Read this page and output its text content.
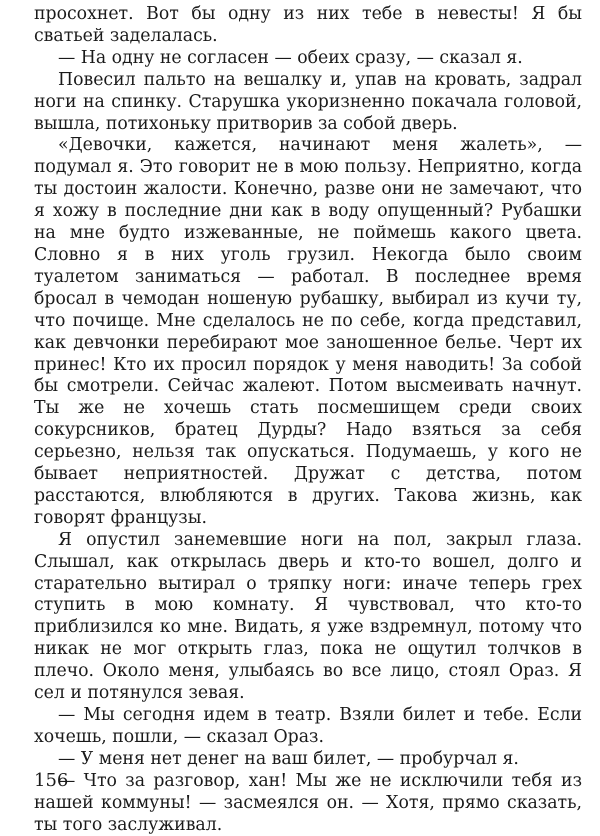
просохнет. Вот бы одну из них тебе в невесты! Я бы сватьей заделалась.

— На одну не согласен — обеих сразу, — сказал я.

Повесил пальто на вешалку и, упав на кровать, задрал ноги на спинку. Старушка укоризненно покачала головой, вышла, потихоньку притворив за собой дверь.

«Девочки, кажется, начинают меня жалеть», — подумал я. Это говорит не в мою пользу. Неприятно, когда ты достоин жалости. Конечно, разве они не замечают, что я хожу в последние дни как в воду опущенный? Рубашки на мне будто изжеванные, не поймешь какого цвета. Словно я в них уголь грузил. Некогда было своим туалетом заниматься — работал. В последнее время бросал в чемодан ношеную рубашку, выбирал из кучи ту, что почище. Мне сделалось не по себе, когда представил, как девчонки перебирают мое заношенное белье. Черт их принес! Кто их просил порядок у меня наводить! За собой бы смотрели. Сейчас жалеют. Потом высмеивать начнут. Ты же не хочешь стать посмешищем среди своих сокурсников, братец Дурды? Надо взяться за себя серьезно, нельзя так опускаться. Подумаешь, у кого не бывает неприятностей. Дружат с детства, потом расстаются, влюбляются в других. Такова жизнь, как говорят французы.

Я опустил занемевшие ноги на пол, закрыл глаза. Слышал, как открылась дверь и кто-то вошел, долго и старательно вытирал о тряпку ноги: иначе теперь грех ступить в мою комнату. Я чувствовал, что кто-то приблизился ко мне. Видать, я уже вздремнул, потому что никак не мог открыть глаз, пока не ощутил толчков в плечо. Около меня, улыбаясь во все лицо, стоял Ораз. Я сел и потянулся зевая.

— Мы сегодня идем в театр. Взяли билет и тебе. Если хочешь, пошли, — сказал Ораз.

— У меня нет денег на ваш билет, — пробурчал я.

— Что за разговор, хан! Мы же не исключили тебя из нашей коммуны! — засмеялся он. — Хотя, прямо сказать, ты того заслуживал.

156
